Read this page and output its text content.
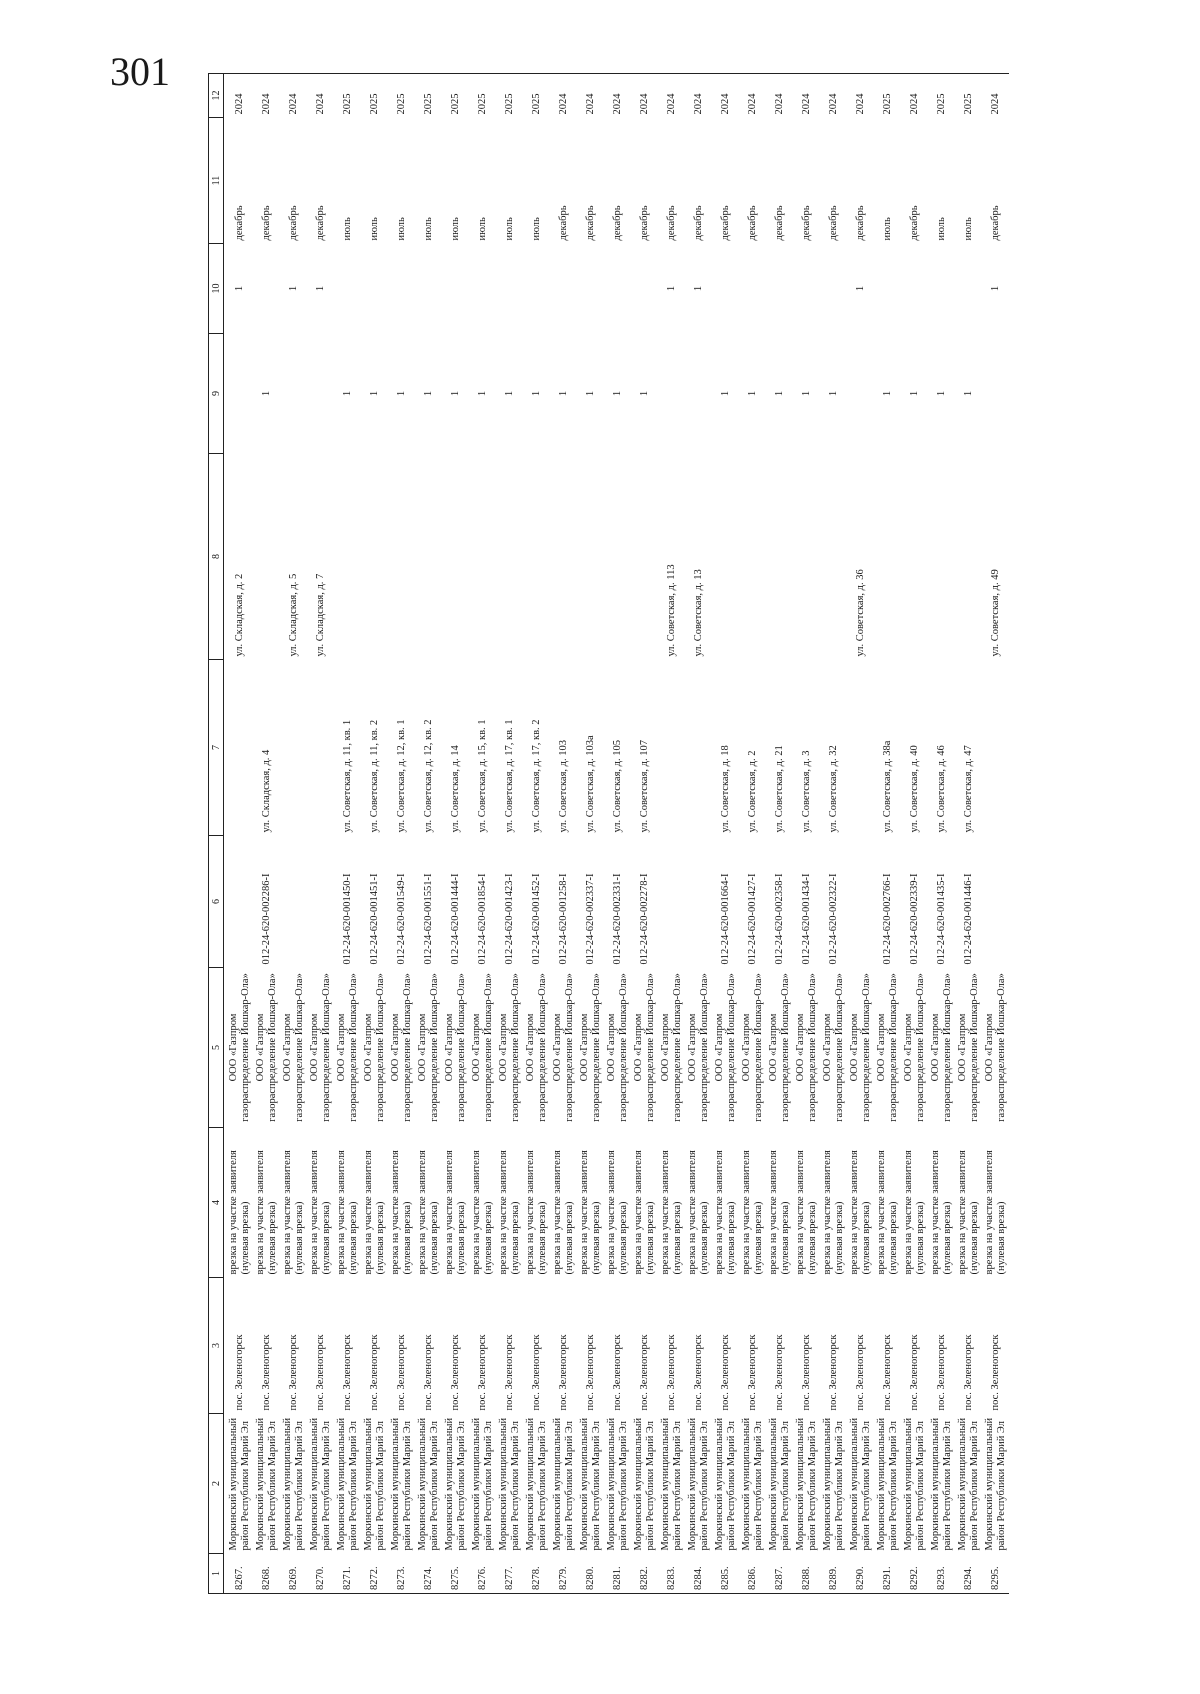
301
1	2	3	4	5	6	7	8	9	10	11	12
8267.	Моркинский муниципальный район Республики Марий Эл	пос. Зеленогорск	врезка на участке заявителя (нулевая врезка)	ООО «Газпром газораспределение Йошкар-Ола»			ул. Складская, д. 2		1	декабрь	2024
8268.	Моркинский муниципальный район Республики Марий Эл	пос. Зеленогорск	врезка на участке заявителя (нулевая врезка)	ООО «Газпром газораспределение Йошкар-Ола»	012-24-620-002286-I	ул. Складская, д. 4		1		декабрь	2024
8269.	Моркинский муниципальный район Республики Марий Эл	пос. Зеленогорск	врезка на участке заявителя (нулевая врезка)	ООО «Газпром газораспределение Йошкар-Ола»			ул. Складская, д. 5		1	декабрь	2024
8270.	Моркинский муниципальный район Республики Марий Эл	пос. Зеленогорск	врезка на участке заявителя (нулевая врезка)	ООО «Газпром газораспределение Йошкар-Ола»			ул. Складская, д. 7		1	декабрь	2024
8271.	Моркинский муниципальный район Республики Марий Эл	пос. Зеленогорск	врезка на участке заявителя (нулевая врезка)	ООО «Газпром газораспределение Йошкар-Ола»	012-24-620-001450-I	ул. Советская, д. 11, кв. 1		1		июль	2025
8272.	Моркинский муниципальный район Республики Марий Эл	пос. Зеленогорск	врезка на участке заявителя (нулевая врезка)	ООО «Газпром газораспределение Йошкар-Ола»	012-24-620-001451-I	ул. Советская, д. 11, кв. 2		1		июль	2025
8273.	Моркинский муниципальный район Республики Марий Эл	пос. Зеленогорск	врезка на участке заявителя (нулевая врезка)	ООО «Газпром газораспределение Йошкар-Ола»	012-24-620-001549-I	ул. Советская, д. 12, кв. 1		1		июль	2025
8274.	Моркинский муниципальный район Республики Марий Эл	пос. Зеленогорск	врезка на участке заявителя (нулевая врезка)	ООО «Газпром газораспределение Йошкар-Ола»	012-24-620-001551-I	ул. Советская, д. 12, кв. 2		1		июль	2025
8275.	Моркинский муниципальный район Республики Марий Эл	пос. Зеленогорск	врезка на участке заявителя (нулевая врезка)	ООО «Газпром газораспределение Йошкар-Ола»	012-24-620-001444-I	ул. Советская, д. 14		1		июль	2025
8276.	Моркинский муниципальный район Республики Марий Эл	пос. Зеленогорск	врезка на участке заявителя (нулевая врезка)	ООО «Газпром газораспределение Йошкар-Ола»	012-24-620-001854-I	ул. Советская, д. 15, кв. 1		1		июль	2025
8277.	Моркинский муниципальный район Республики Марий Эл	пос. Зеленогорск	врезка на участке заявителя (нулевая врезка)	ООО «Газпром газораспределение Йошкар-Ола»	012-24-620-001423-I	ул. Советская, д. 17, кв. 1		1		июль	2025
8278.	Моркинский муниципальный район Республики Марий Эл	пос. Зеленогорск	врезка на участке заявителя (нулевая врезка)	ООО «Газпром газораспределение Йошкар-Ола»	012-24-620-001452-I	ул. Советская, д. 17, кв. 2		1		июль	2025
8279.	Моркинский муниципальный район Республики Марий Эл	пос. Зеленогорск	врезка на участке заявителя (нулевая врезка)	ООО «Газпром газораспределение Йошкар-Ола»	012-24-620-001258-I	ул. Советская, д. 103		1		декабрь	2024
8280.	Моркинский муниципальный район Республики Марий Эл	пос. Зеленогорск	врезка на участке заявителя (нулевая врезка)	ООО «Газпром газораспределение Йошкар-Ола»	012-24-620-002337-I	ул. Советская, д. 103а		1		декабрь	2024
8281.	Моркинский муниципальный район Республики Марий Эл	пос. Зеленогорск	врезка на участке заявителя (нулевая врезка)	ООО «Газпром газораспределение Йошкар-Ола»	012-24-620-002331-I	ул. Советская, д. 105		1		декабрь	2024
8282.	Моркинский муниципальный район Республики Марий Эл	пос. Зеленогорск	врезка на участке заявителя (нулевая врезка)	ООО «Газпром газораспределение Йошкар-Ола»	012-24-620-002278-I	ул. Советская, д. 107		1		декабрь	2024
8283.	Моркинский муниципальный район Республики Марий Эл	пос. Зеленогорск	врезка на участке заявителя (нулевая врезка)	ООО «Газпром газораспределение Йошкар-Ола»			ул. Советская, д. 113		1	декабрь	2024
8284.	Моркинский муниципальный район Республики Марий Эл	пос. Зеленогорск	врезка на участке заявителя (нулевая врезка)	ООО «Газпром газораспределение Йошкар-Ола»			ул. Советская, д. 13		1	декабрь	2024
8285.	Моркинский муниципальный район Республики Марий Эл	пос. Зеленогорск	врезка на участке заявителя (нулевая врезка)	ООО «Газпром газораспределение Йошкар-Ола»	012-24-620-001664-I	ул. Советская, д. 18		1		декабрь	2024
8286.	Моркинский муниципальный район Республики Марий Эл	пос. Зеленогорск	врезка на участке заявителя (нулевая врезка)	ООО «Газпром газораспределение Йошкар-Ола»	012-24-620-001427-I	ул. Советская, д. 2		1		декабрь	2024
8287.	Моркинский муниципальный район Республики Марий Эл	пос. Зеленогорск	врезка на участке заявителя (нулевая врезка)	ООО «Газпром газораспределение Йошкар-Ола»	012-24-620-002358-I	ул. Советская, д. 21		1		декабрь	2024
8288.	Моркинский муниципальный район Республики Марий Эл	пос. Зеленогорск	врезка на участке заявителя (нулевая врезка)	ООО «Газпром газораспределение Йошкар-Ола»	012-24-620-001434-I	ул. Советская, д. 3		1		декабрь	2024
8289.	Моркинский муниципальный район Республики Марий Эл	пос. Зеленогорск	врезка на участке заявителя (нулевая врезка)	ООО «Газпром газораспределение Йошкар-Ола»	012-24-620-002322-I	ул. Советская, д. 32		1		декабрь	2024
8290.	Моркинский муниципальный район Республики Марий Эл	пос. Зеленогорск	врезка на участке заявителя (нулевая врезка)	ООО «Газпром газораспределение Йошкар-Ола»			ул. Советская, д. 36		1	декабрь	2024
8291.	Моркинский муниципальный район Республики Марий Эл	пос. Зеленогорск	врезка на участке заявителя (нулевая врезка)	ООО «Газпром газораспределение Йошкар-Ола»	012-24-620-002766-I	ул. Советская, д. 38а		1		июль	2025
8292.	Моркинский муниципальный район Республики Марий Эл	пос. Зеленогорск	врезка на участке заявителя (нулевая врезка)	ООО «Газпром газораспределение Йошкар-Ола»	012-24-620-002339-I	ул. Советская, д. 40		1		декабрь	2024
8293.	Моркинский муниципальный район Республики Марий Эл	пос. Зеленогорск	врезка на участке заявителя (нулевая врезка)	ООО «Газпром газораспределение Йошкар-Ола»	012-24-620-001435-I	ул. Советская, д. 46		1		июль	2025
8294.	Моркинский муниципальный район Республики Марий Эл	пос. Зеленогорск	врезка на участке заявителя (нулевая врезка)	ООО «Газпром газораспределение Йошкар-Ола»	012-24-620-001446-I	ул. Советская, д. 47		1		июль	2025
8295.	Моркинский муниципальный район Республики Марий Эл	пос. Зеленогорск	врезка на участке заявителя (нулевая врезка)	ООО «Газпром газораспределение Йошкар-Ола»			ул. Советская, д. 49		1	декабрь	2024
